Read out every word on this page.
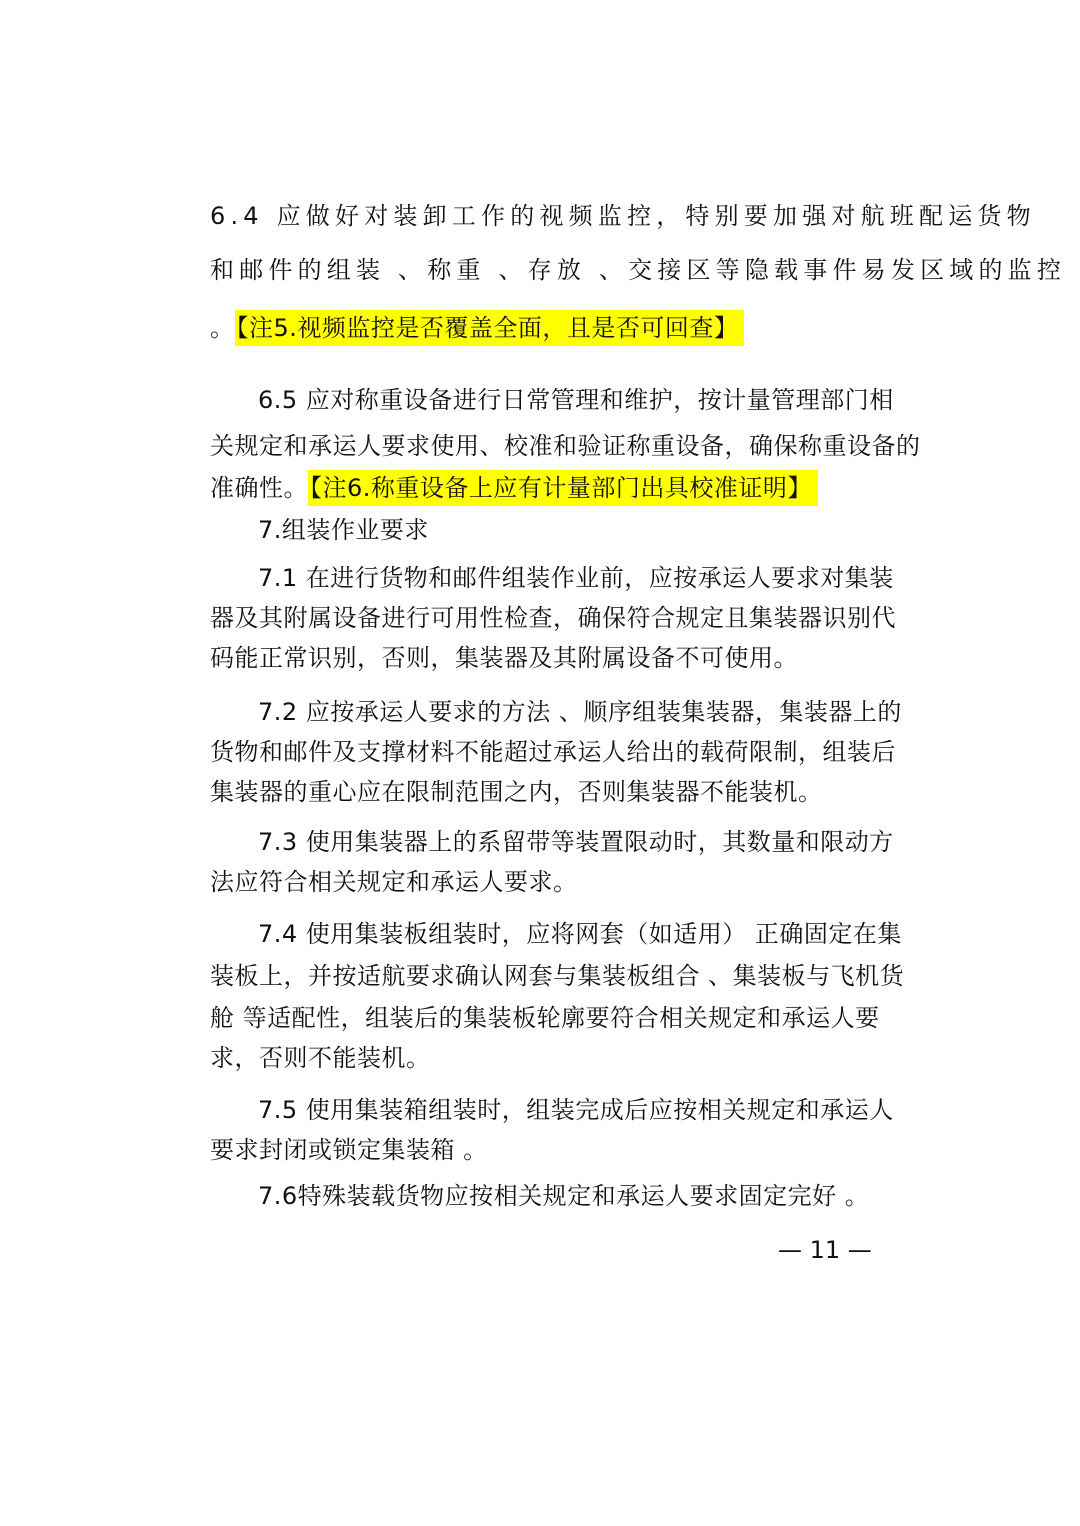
6.4 应做好对装卸工作的视频监控，特别要加强对航班配运货物
和邮件的组装 、称重 、存放 、交接区等隐载事件易发区域的监控
。【注5.视频监控是否覆盖全面，且是否可回查】
6.5 应对称重设备进行日常管理和维护，按计量管理部门相
关规定和承运人要求使用、校准和验证称重设备，确保称重设备的
准确性。【注6.称重设备上应有计量部门出具校准证明】
7.组装作业要求
7.1 在进行货物和邮件组装作业前，应按承运人要求对集装
器及其附属设备进行可用性检查，确保符合规定且集装器识别代
码能正常识别，否则，集装器及其附属设备不可使用。
7.2 应按承运人要求的方法 、顺序组装集装器，集装器上的
货物和邮件及支撑材料不能超过承运人给出的载荷限制，组装后
集装器的重心应在限制范围之内，否则集装器不能装机。
7.3 使用集装器上的系留带等装置限动时，其数量和限动方
法应符合相关规定和承运人要求。
7.4 使用集装板组装时，应将网套（如适用） 正确固定在集
装板上，并按适航要求确认网套与集装板组合 、集装板与飞机货
舱 等适配性，组装后的集装板轮廓要符合相关规定和承运人要
求，否则不能装机。
7.5 使用集装箱组装时，组装完成后应按相关规定和承运人
要求封闭或锁定集装箱 。
7.6特殊装载货物应按相关规定和承运人要求固定完好 。
— 11 —
